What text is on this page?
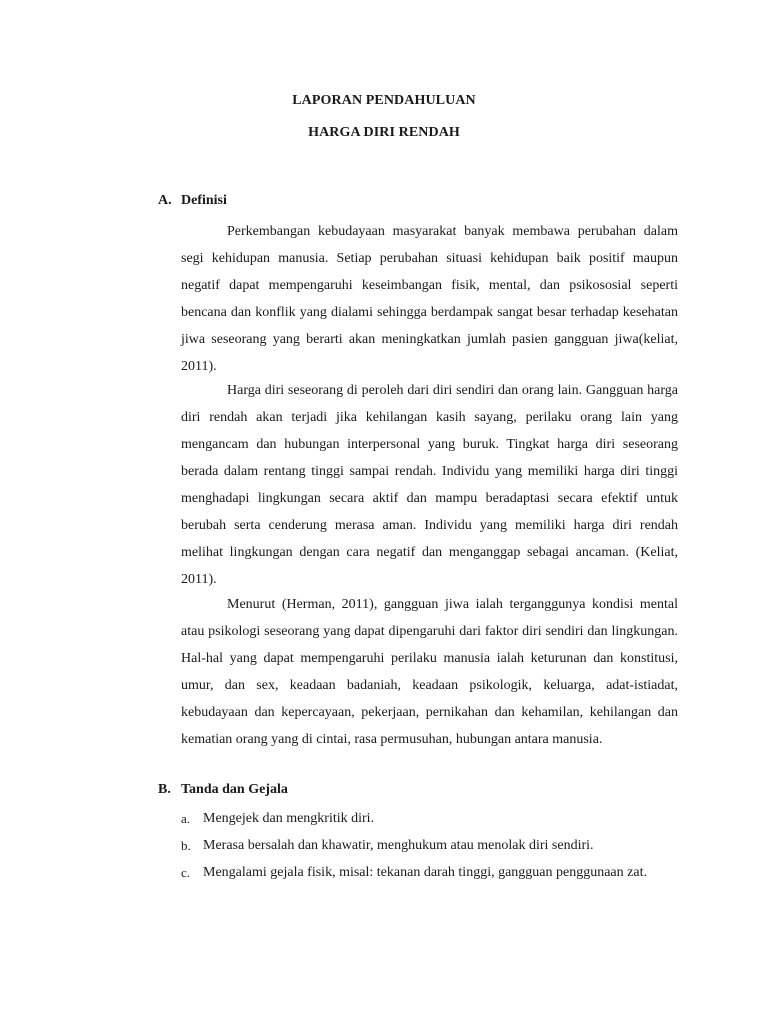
LAPORAN PENDAHULUAN
HARGA DIRI RENDAH
A. Definisi

Perkembangan kebudayaan masyarakat banyak membawa perubahan dalam segi kehidupan manusia. Setiap perubahan situasi kehidupan baik positif maupun negatif dapat mempengaruhi keseimbangan fisik, mental, dan psikososial seperti bencana dan konflik yang dialami sehingga berdampak sangat besar terhadap kesehatan jiwa seseorang yang berarti akan meningkatkan jumlah pasien gangguan jiwa(keliat, 2011).

Harga diri seseorang di peroleh dari diri sendiri dan orang lain. Gangguan harga diri rendah akan terjadi jika kehilangan kasih sayang, perilaku orang lain yang mengancam dan hubungan interpersonal yang buruk. Tingkat harga diri seseorang berada dalam rentang tinggi sampai rendah. Individu yang memiliki harga diri tinggi menghadapi lingkungan secara aktif dan mampu beradaptasi secara efektif untuk berubah serta cenderung merasa aman. Individu yang memiliki harga diri rendah melihat lingkungan dengan cara negatif dan menganggap sebagai ancaman. (Keliat, 2011).

Menurut (Herman, 2011), gangguan jiwa ialah terganggunya kondisi mental atau psikologi seseorang yang dapat dipengaruhi dari faktor diri sendiri dan lingkungan. Hal-hal yang dapat mempengaruhi perilaku manusia ialah keturunan dan konstitusi, umur, dan sex, keadaan badaniah, keadaan psikologik, keluarga, adat-istiadat, kebudayaan dan kepercayaan, pekerjaan, pernikahan dan kehamilan, kehilangan dan kematian orang yang di cintai, rasa permusuhan, hubungan antara manusia.

B. Tanda dan Gejala
a. Mengejek dan mengkritik diri.
b. Merasa bersalah dan khawatir, menghukum atau menolak diri sendiri.
c. Mengalami gejala fisik, misal: tekanan darah tinggi, gangguan penggunaan zat.
